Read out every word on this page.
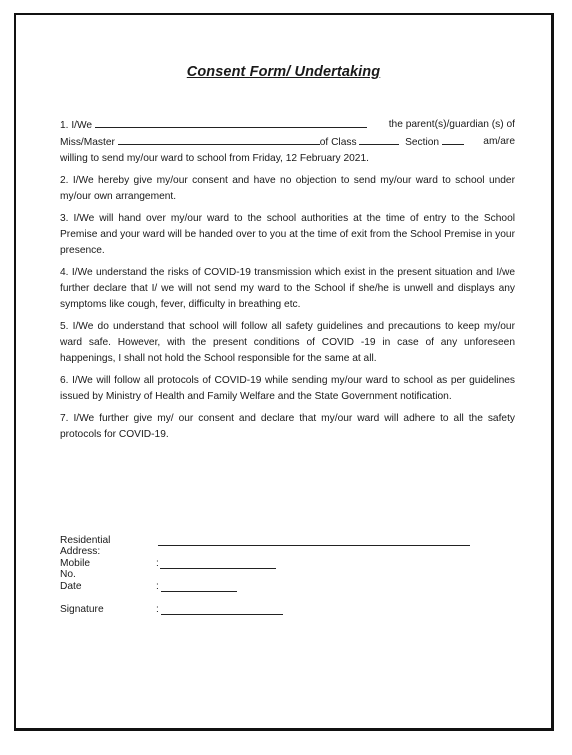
Consent Form/ Undertaking
1. I/We	the parent(s)/guardian (s) of
Miss/Master	of Class	Section	am/are
willing to send my/our ward to school from Friday, 12 February 2021.

2. I/We hereby give my/our consent and have no objection to send my/our ward to school under my/our own arrangement.

3. I/We will hand over my/our ward to the school authorities at the time of entry to the School Premise and your ward will be handed over to you at the time of exit from the School Premise in your presence.

4. I/We understand the risks of COVID-19 transmission which exist in the present situation and I/we further declare that I/ we will not send my ward to the School if she/he is unwell and displays any symptoms like cough, fever, difficulty in breathing etc.

5. I/We do understand that school will follow all safety guidelines and precautions to keep my/our ward safe. However, with the present conditions of COVID -19 in case of any unforeseen happenings, I shall not hold the School responsible for the same at all.

6. I/We will follow all protocols of COVID-19 while sending my/our ward to school as per guidelines issued by Ministry of Health and Family Welfare and the State Government notification.

7. I/We further give my/ our consent and declare that my/our ward will adhere to all the safety protocols for COVID-19.

Residential Address:
Mobile No.
:
Date	:
Signature	:
